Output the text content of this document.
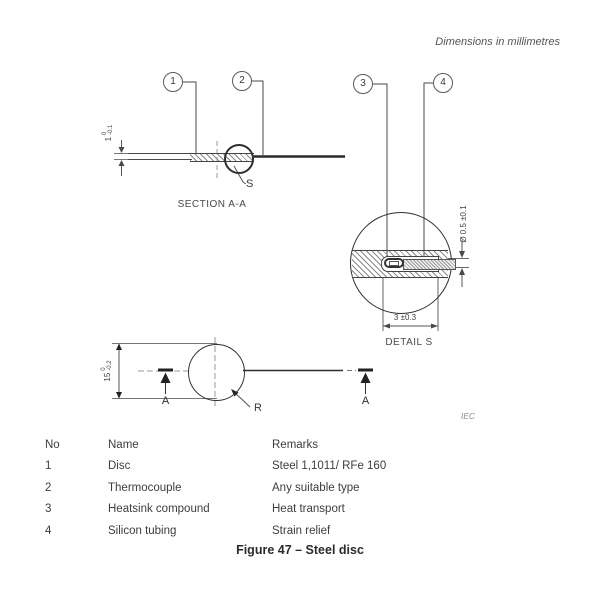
Dimensions in millimetres
1	2	3	4
S
SECTION A-A
1
0 -0.1
Ø 0.5 ±0.1
3 ±0.3
DETAIL S
15
0 -0.2
A	A
R
IEC
No	Name	Remarks
1	Disc	Steel 1,1011/ RFe 160
2	Thermocouple	Any suitable type
3	Heatsink compound	Heat transport
4	Silicon tubing	Strain relief
Figure 47 – Steel disc
